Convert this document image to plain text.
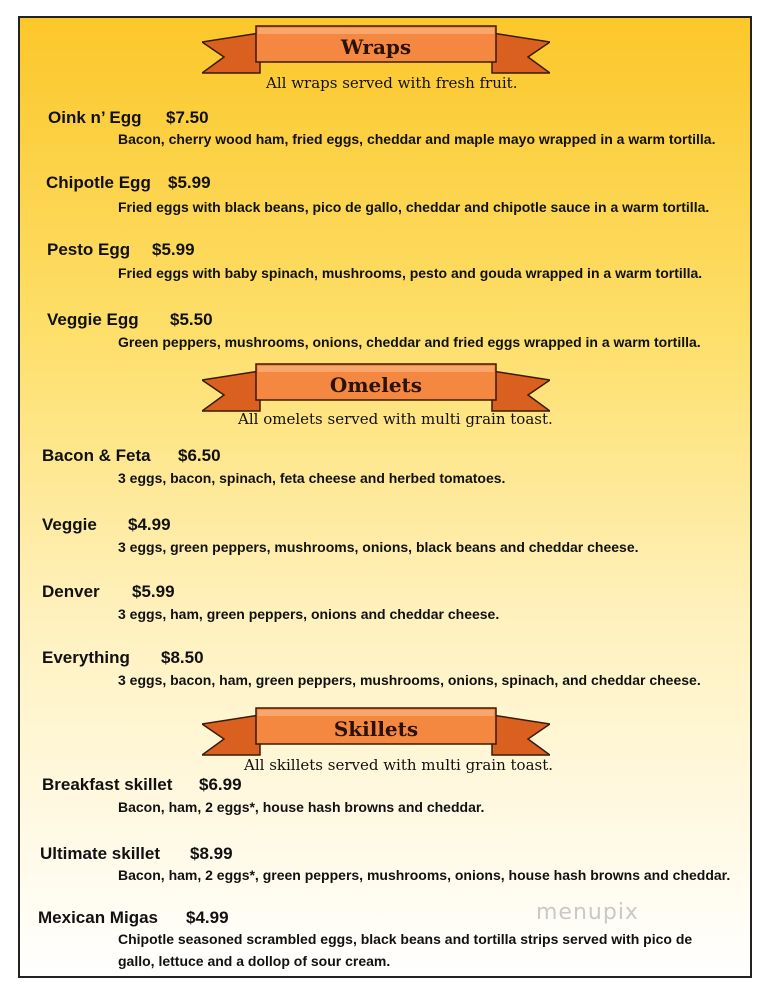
Wraps
All wraps served with fresh fruit.
Oink n’ Egg $7.50
Bacon, cherry wood ham, fried eggs, cheddar and maple mayo wrapped in a warm tortilla.
Chipotle Egg $5.99
Fried eggs with black beans, pico de gallo, cheddar and chipotle sauce in a warm tortilla.
Pesto Egg $5.99
Fried eggs with baby spinach, mushrooms, pesto and gouda wrapped in a warm tortilla.
Veggie Egg $5.50
Green peppers, mushrooms, onions, cheddar and fried eggs wrapped in a warm tortilla.
Omelets
All omelets served with multi grain toast.
Bacon & Feta $6.50
3 eggs, bacon, spinach, feta cheese and herbed tomatoes.
Veggie $4.99
3 eggs, green peppers, mushrooms, onions, black beans and cheddar cheese.
Denver $5.99
3 eggs, ham, green peppers, onions and cheddar cheese.
Everything $8.50
3 eggs, bacon, ham, green peppers, mushrooms, onions, spinach, and cheddar cheese.
Skillets
All skillets served with multi grain toast.
Breakfast skillet $6.99
Bacon, ham, 2 eggs*, house hash browns and cheddar.
Ultimate skillet $8.99
Bacon, ham, 2 eggs*, green peppers, mushrooms, onions, house hash browns and cheddar.
Mexican Migas $4.99
Chipotle seasoned scrambled eggs, black beans and tortilla strips served with pico de gallo, lettuce and a dollop of sour cream.
menupix
